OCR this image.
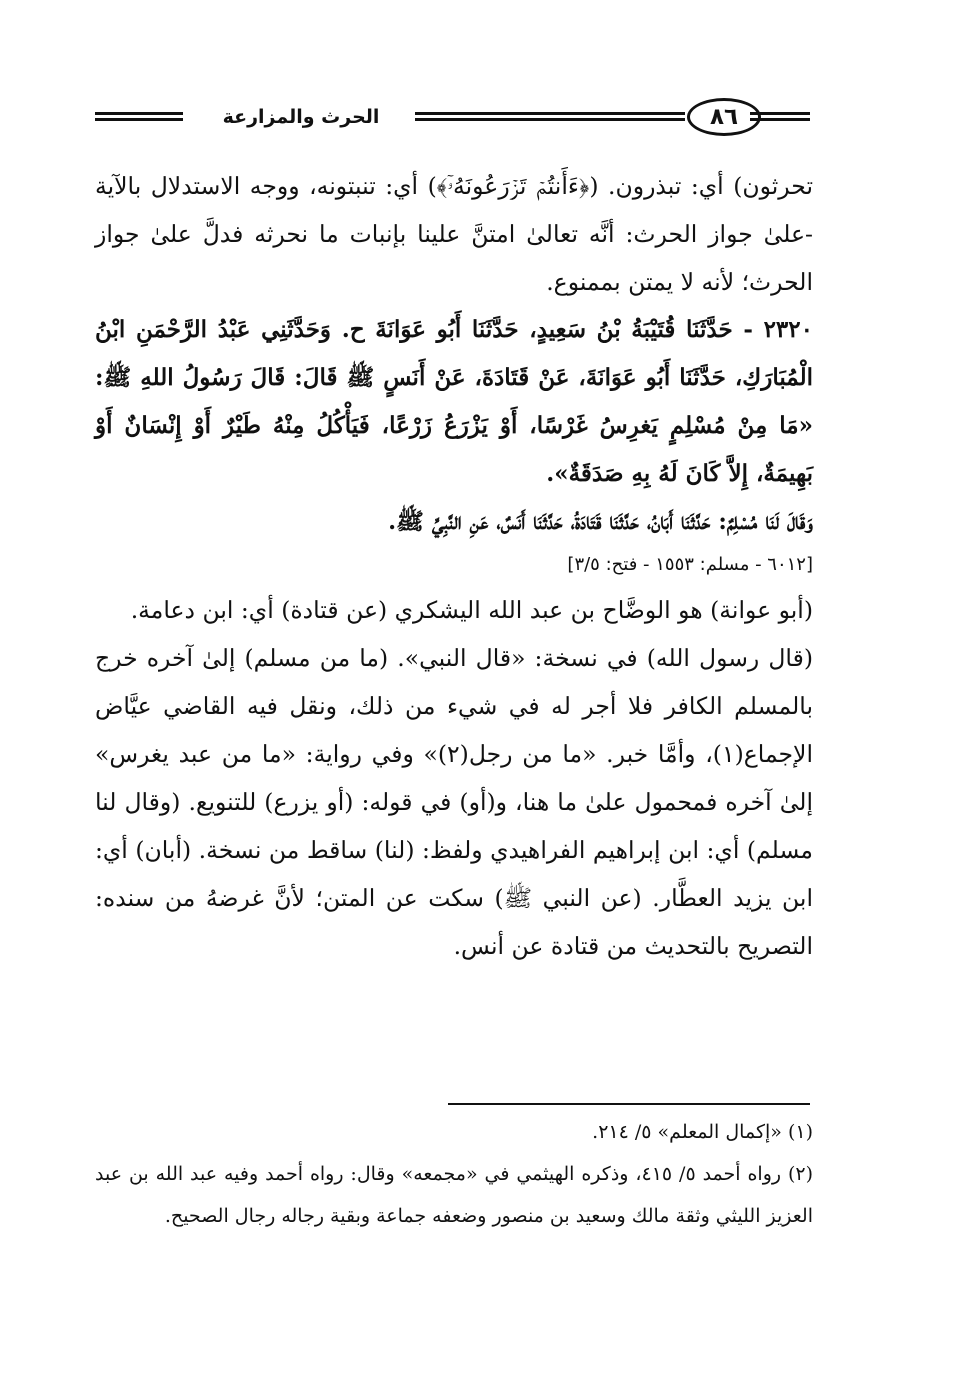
الحرث والمزارعة	٨٦

تحرثون) أي: تبذرون. (﴿ءَأَنتُمۡ تَزۡرَعُونَهُۥٓ﴾) أي: تنبتونه، ووجه الاستدلال بالآية -علىٰ جواز الحرث: أنَّه تعالىٰ امتنَّ علينا بإنبات ما نحرثه فدلَّ علىٰ جواز الحرث؛ لأنه لا يمتن بممنوع.

٢٣٢٠ - حَدَّثَنَا قُتَيْبَةُ بْنُ سَعِيدٍ، حَدَّثَنَا أَبُو عَوَانَةَ ح. وَحَدَّثَنِي عَبْدُ الرَّحْمَنِ ابْنُ الْمُبَارَكِ، حَدَّثَنَا أَبُو عَوَانَةَ، عَنْ قَتَادَةَ، عَنْ أَنَسٍ ﷺ قَالَ: قَالَ رَسُولُ اللهِ ﷺ: «مَا مِنْ مُسْلِمٍ يَغرِسُ غَرْسًا، أَوْ يَزْرَعُ زَرْعًا، فَيَأْكُلُ مِنْهُ طَيْرٌ أَوْ إِنْسَانٌ أَوْ بَهِيمَةٌ، إِلاَّ كَانَ لَهُ بِهِ صَدَقَةٌ».

وَقَالَ لَنَا مُسْلِمٌ: حَدَّثَنَا أَبَانُ، حَدَّثَنَا قَتَادَةُ، حَدَّثَنَا أَنَسٌ، عَنِ النَّبِيِّ ﷺ.

[٦٠١٢ - مسلم: ١٥٥٣ - فتح: ٣/٥]

(أبو عوانة) هو الوضَّاح بن عبد الله اليشكري (عن قتادة) أي: ابن دعامة.

(قال رسول الله) في نسخة: «قال النبي». (ما من مسلم) إلىٰ آخره خرج بالمسلم الكافر فلا أجر له في شيء من ذلك، ونقل فيه القاضي عيَّاض الإجماع(١)، وأمَّا خبر. «ما من رجل(٢)» وفي رواية: «ما من عبد يغرس» إلىٰ آخره فمحمول علىٰ ما هنا، و(أو) في قوله: (أو يزرع) للتنويع. (وقال لنا مسلم) أي: ابن إبراهيم الفراهيدي ولفظ: (لنا) ساقط من نسخة. (أبان) أي: ابن يزيد العطَّار. (عن النبي ﷺ) سكت عن المتن؛ لأنَّ غرضهُ من سنده: التصريح بالتحديث من قتادة عن أنس.

(١) «إكمال المعلم» ٥/ ٢١٤.

(٢) رواه أحمد ٥/ ٤١٥، وذكره الهيثمي في «مجمعه» وقال: رواه أحمد وفيه عبد الله بن عبد العزيز الليثي وثقة مالك وسعيد بن منصور وضعفه جماعة وبقية رجاله رجال الصحيح.
